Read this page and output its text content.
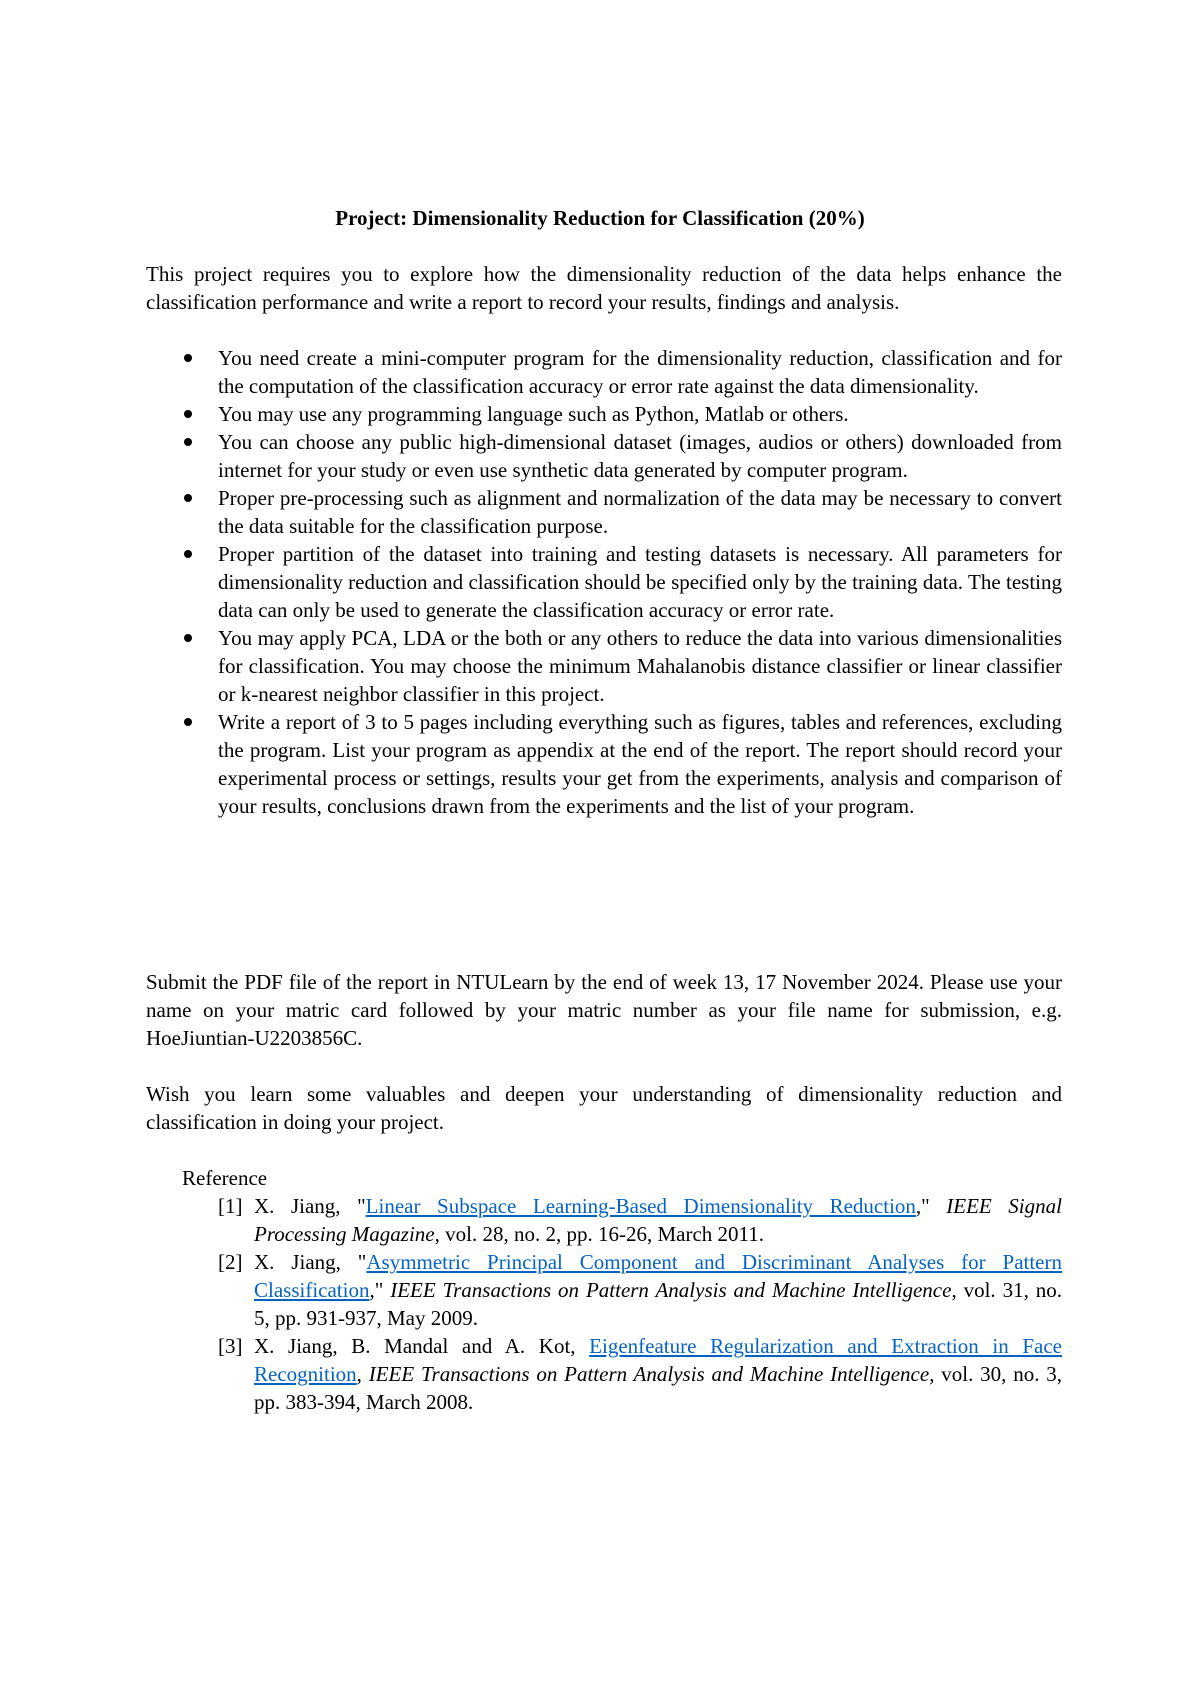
Project: Dimensionality Reduction for Classification (20%)
This project requires you to explore how the dimensionality reduction of the data helps enhance the classification performance and write a report to record your results, findings and analysis.
You need create a mini-computer program for the dimensionality reduction, classification and for the computation of the classification accuracy or error rate against the data dimensionality.
You may use any programming language such as Python, Matlab or others.
You can choose any public high-dimensional dataset (images, audios or others) downloaded from internet for your study or even use synthetic data generated by computer program.
Proper pre-processing such as alignment and normalization of the data may be necessary to convert the data suitable for the classification purpose.
Proper partition of the dataset into training and testing datasets is necessary. All parameters for dimensionality reduction and classification should be specified only by the training data. The testing data can only be used to generate the classification accuracy or error rate.
You may apply PCA, LDA or the both or any others to reduce the data into various dimensionalities for classification. You may choose the minimum Mahalanobis distance classifier or linear classifier or k-nearest neighbor classifier in this project.
Write a report of 3 to 5 pages including everything such as figures, tables and references, excluding the program. List your program as appendix at the end of the report. The report should record your experimental process or settings, results your get from the experiments, analysis and comparison of your results, conclusions drawn from the experiments and the list of your program.
Submit the PDF file of the report in NTULearn by the end of week 13, 17 November 2024. Please use your name on your matric card followed by your matric number as your file name for submission, e.g. HoeJiuntian-U2203856C.
Wish you learn some valuables and deepen your understanding of dimensionality reduction and classification in doing your project.
Reference
[1] X. Jiang, "Linear Subspace Learning-Based Dimensionality Reduction," IEEE Signal Processing Magazine, vol. 28, no. 2, pp. 16-26, March 2011.
[2] X. Jiang, "Asymmetric Principal Component and Discriminant Analyses for Pattern Classification," IEEE Transactions on Pattern Analysis and Machine Intelligence, vol. 31, no. 5, pp. 931-937, May 2009.
[3] X. Jiang, B. Mandal and A. Kot, Eigenfeature Regularization and Extraction in Face Recognition, IEEE Transactions on Pattern Analysis and Machine Intelligence, vol. 30, no. 3, pp. 383-394, March 2008.
